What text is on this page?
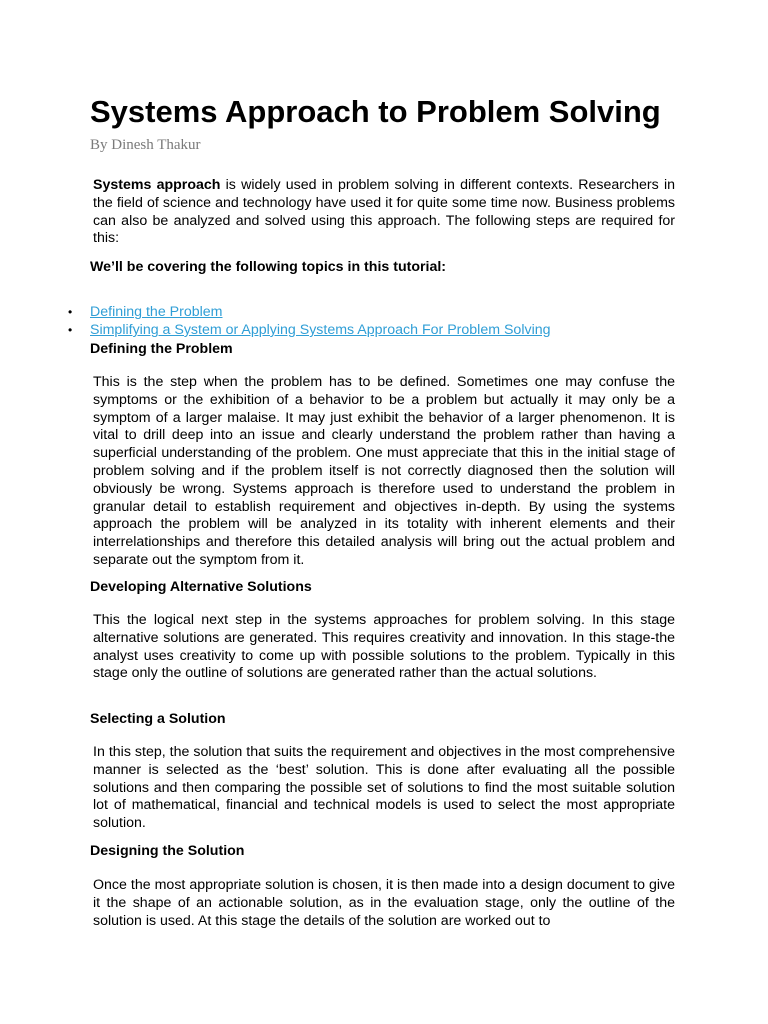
Systems Approach to Problem Solving
By Dinesh Thakur

Systems approach is widely used in problem solving in different contexts. Researchers in the field of science and technology have used it for quite some time now. Business problems can also be analyzed and solved using this approach. The following steps are required for this:

We’ll be covering the following topics in this tutorial:
• Defining the Problem
• Simplifying a System or Applying Systems Approach For Problem Solving
Defining the Problem

This is the step when the problem has to be defined. Sometimes one may confuse the symptoms or the exhibition of a behavior to be a problem but actually it may only be a symptom of a larger malaise. It may just exhibit the behavior of a larger phenomenon. It is vital to drill deep into an issue and clearly understand the problem rather than having a superficial understanding of the problem. One must appreciate that this in the initial stage of problem solving and if the problem itself is not correctly diagnosed then the solution will obviously be wrong. Systems approach is therefore used to understand the problem in granular detail to establish requirement and objectives in-depth. By using the systems approach the problem will be analyzed in its totality with inherent elements and their interrelationships and therefore this detailed analysis will bring out the actual problem and separate out the symptom from it.

Developing Alternative Solutions

This the logical next step in the systems approaches for problem solving. In this stage alternative solutions are generated. This requires creativity and innovation. In this stage-the analyst uses creativity to come up with possible solutions to the problem. Typically in this stage only the outline of solutions are generated rather than the actual solutions.

Selecting a Solution

In this step, the solution that suits the requirement and objectives in the most comprehensive manner is selected as the ‘best’ solution. This is done after evaluating all the possible solutions and then comparing the possible set of solutions to find the most suitable solution lot of mathematical, financial and technical models is used to select the most appropriate solution.

Designing the Solution

Once the most appropriate solution is chosen, it is then made into a design document to give it the shape of an actionable solution, as in the evaluation stage, only the outline of the solution is used. At this stage the details of the solution are worked out to
